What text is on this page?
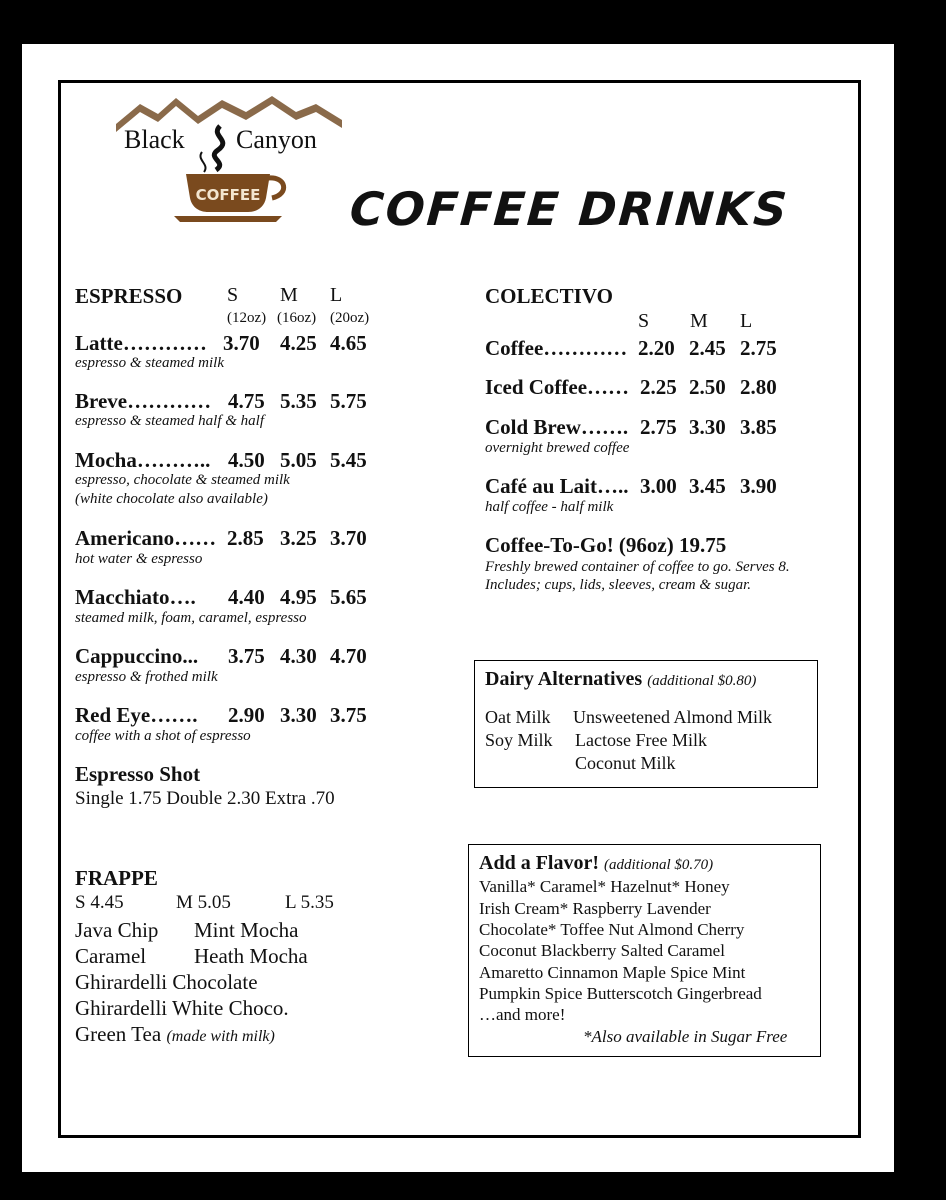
Black Canyon
COFFEE COFFEE DRINKS
ESPRESSO S M L
(12oz) (16oz) (20oz)
Latte………… 3.70 4.25 4.65
espresso & steamed milk
Breve………… 4.75 5.35 5.75
espresso & steamed half & half
Mocha……….. 4.50 5.05 5.45
espresso, chocolate & steamed milk
(white chocolate also available)
Americano…… 2.85 3.25 3.70
hot water & espresso
Macchiato…. 4.40 4.95 5.65
steamed milk, foam, caramel, espresso
Cappuccino... 3.75 4.30 4.70
espresso & frothed milk
Red Eye……. 2.90 3.30 3.75
coffee with a shot of espresso
Espresso Shot
Single 1.75 Double 2.30 Extra .70
FRAPPE
S 4.45	M 5.05	L 5.35
Java Chip Mint Mocha
Caramel Heath Mocha
Ghirardelli Chocolate
Ghirardelli White Choco.
Green Tea (made with milk)
COLECTIVO
S M L
Coffee………… 2.20 2.45 2.75
Iced Coffee…… 2.25 2.50 2.80
Cold Brew……. 2.75 3.30 3.85
overnight brewed coffee
Café au Lait….. 3.00 3.45 3.90
half coffee - half milk
Coffee-To-Go! (96oz) 19.75
Freshly brewed container of coffee to go. Serves 8.
Includes; cups, lids, sleeves, cream & sugar.
Dairy Alternatives (additional $0.80)
Oat Milk Unsweetened Almond Milk
Soy Milk Lactose Free Milk
Coconut Milk
Add a Flavor! (additional $0.70)
Vanilla* Caramel* Hazelnut* Honey
Irish Cream* Raspberry Lavender
Chocolate* Toffee Nut Almond Cherry
Coconut Blackberry Salted Caramel
Amaretto Cinnamon Maple Spice Mint
Pumpkin Spice Butterscotch Gingerbread
…and more!
*Also available in Sugar Free
